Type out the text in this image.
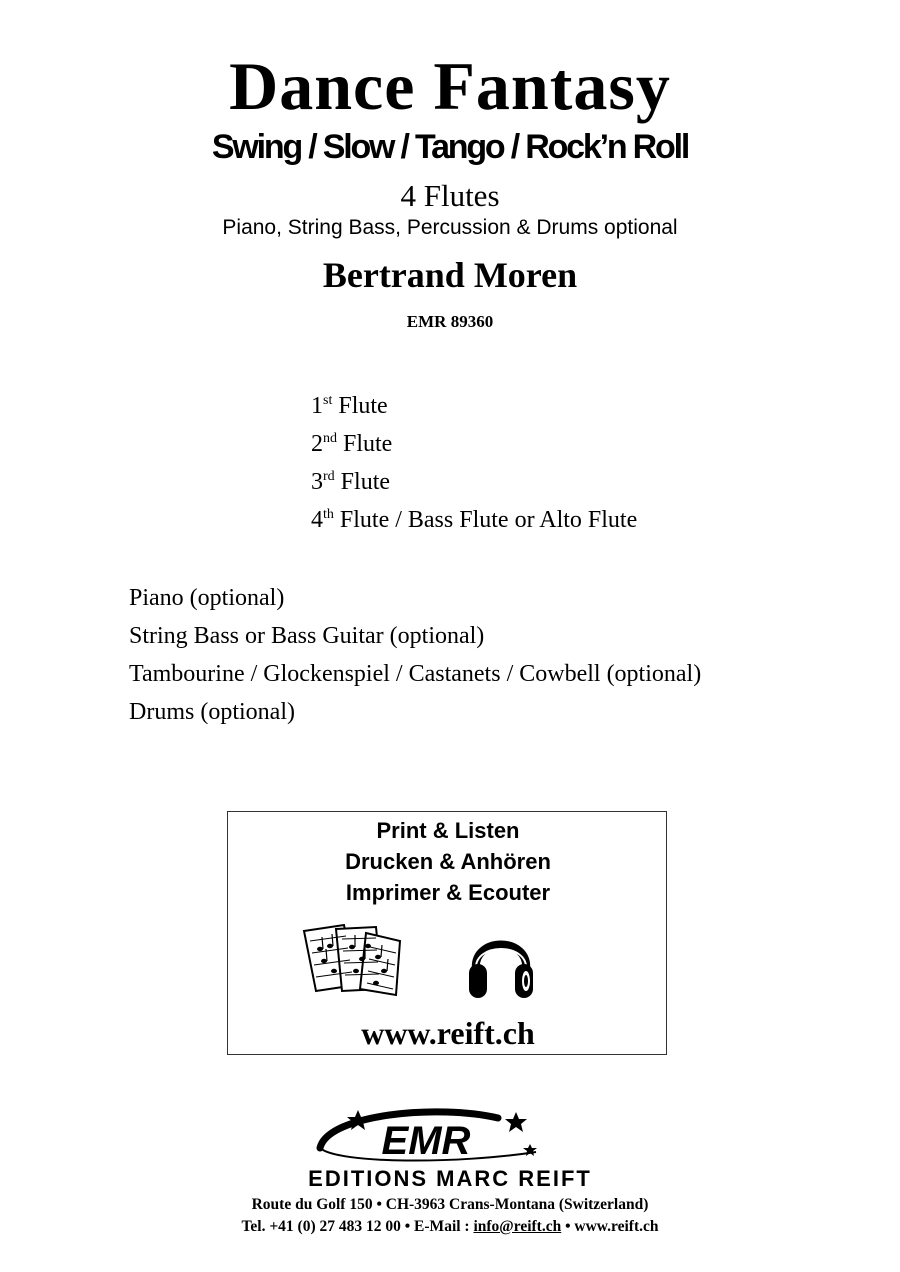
Dance Fantasy
Swing / Slow / Tango / Rock’n Roll
4 Flutes
Piano, String Bass, Percussion & Drums optional
Bertrand Moren
EMR 89360
1st Flute
2nd Flute
3rd Flute
4th Flute / Bass Flute or Alto Flute
Piano (optional)
String Bass or Bass Guitar (optional)
Tambourine / Glockenspiel / Castanets / Cowbell (optional)
Drums (optional)
Print & Listen
Drucken & Anhören
Imprimer & Ecouter
www.reift.ch
EMR
EDITIONS MARC REIFT
Route du Golf 150 • CH-3963 Crans-Montana (Switzerland)
Tel. +41 (0) 27 483 12 00 • E-Mail : info@reift.ch • www.reift.ch
